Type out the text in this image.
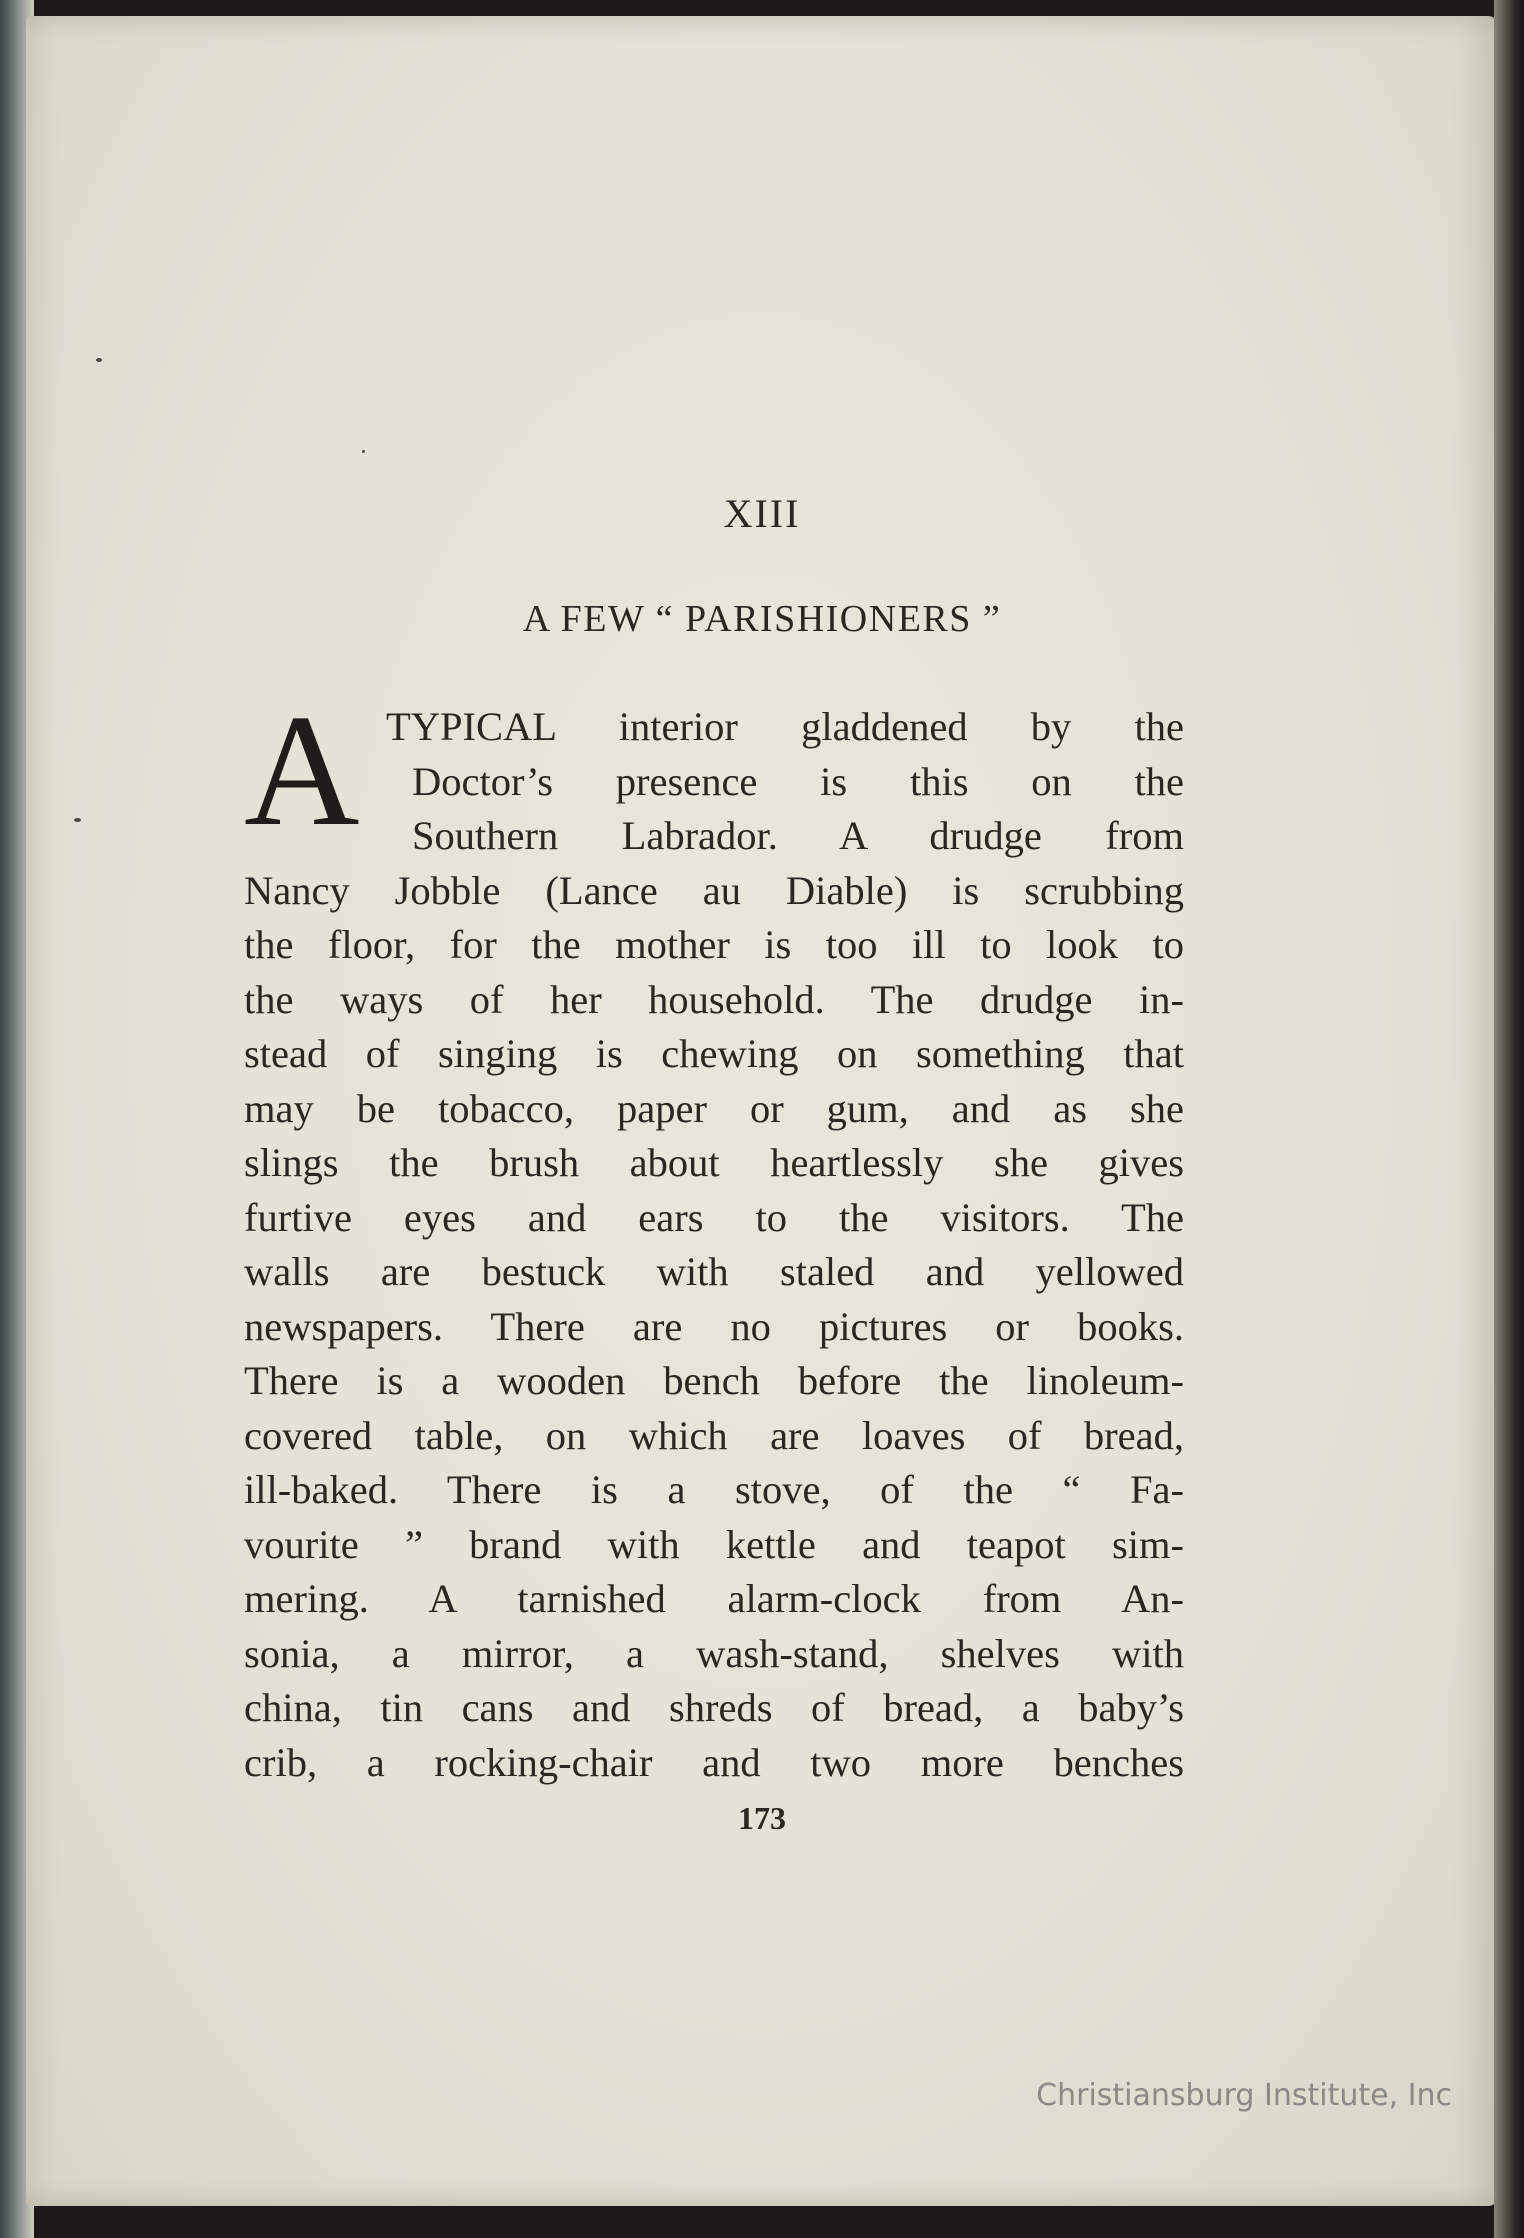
XIII
A FEW “ PARISHIONERS ”
A TYPICAL interior gladdened by the
Doctor’s presence is this on the
Southern Labrador. A drudge from
Nancy Jobble (Lance au Diable) is scrubbing
the floor, for the mother is too ill to look to
the ways of her household. The drudge in-
stead of singing is chewing on something that
may be tobacco, paper or gum, and as she
slings the brush about heartlessly she gives
furtive eyes and ears to the visitors. The
walls are bestuck with staled and yellowed
newspapers. There are no pictures or books.
There is a wooden bench before the linoleum-
covered table, on which are loaves of bread,
ill-baked. There is a stove, of the “ Fa-
vourite ” brand with kettle and teapot sim-
mering. A tarnished alarm-clock from An-
sonia, a mirror, a wash-stand, shelves with
china, tin cans and shreds of bread, a baby’s
crib, a rocking-chair and two more benches
173
Christiansburg Institute, Inc
